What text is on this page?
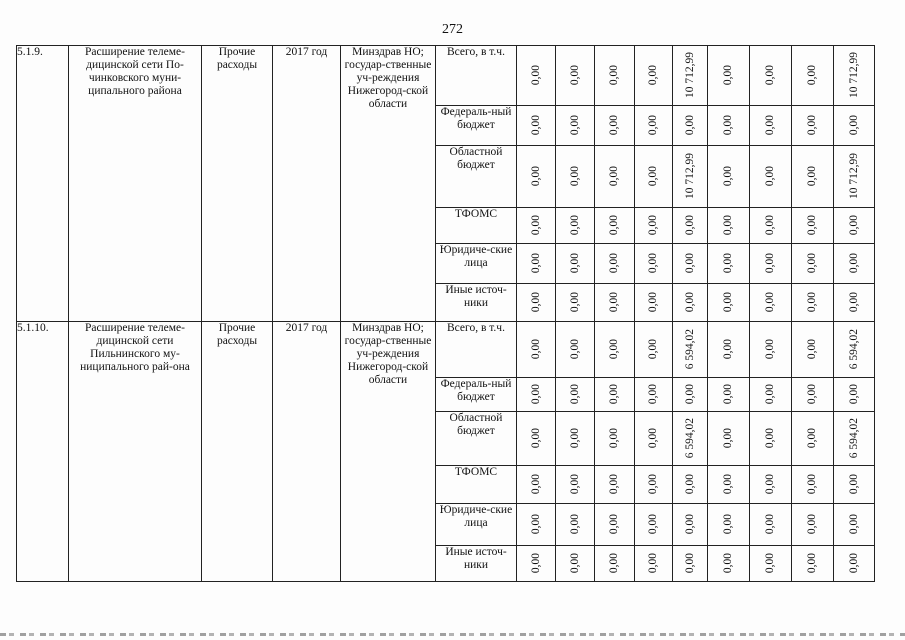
272
5.1.9.	Расширение телеме-дицинской сети По-чинковского муни-ципального района	Прочие расходы	2017 год	Минздрав НО; государ-ственные уч-реждения Нижегород-ской области	Всего, в т.ч.	0,00	0,00	0,00	0,00	10 712,99	0,00	0,00	0,00	10 712,99

					Федераль-ный бюджет	0,00	0,00	0,00	0,00	0,00	0,00	0,00	0,00	0,00

					Областной бюджет	0,00	0,00	0,00	0,00	10 712,99	0,00	0,00	0,00	10 712,99

					ТФОМС	0,00	0,00	0,00	0,00	0,00	0,00	0,00	0,00	0,00

					Юридиче-ские лица	0,00	0,00	0,00	0,00	0,00	0,00	0,00	0,00	0,00

					Иные источ-ники	0,00	0,00	0,00	0,00	0,00	0,00	0,00	0,00	0,00

5.1.10.	Расширение телеме-дицинской сети Пильнинского му-ниципального рай-она	Прочие расходы	2017 год	Минздрав НО; государ-ственные уч-реждения Нижегород-ской области	Всего, в т.ч.	0,00	0,00	0,00	0,00	6 594,02	0,00	0,00	0,00	6 594,02

					Федераль-ный бюджет	0,00	0,00	0,00	0,00	0,00	0,00	0,00	0,00	0,00

					Областной бюджет	0,00	0,00	0,00	0,00	6 594,02	0,00	0,00	0,00	6 594,02

					ТФОМС	0,00	0,00	0,00	0,00	0,00	0,00	0,00	0,00	0,00

					Юридиче-ские лица	0,00	0,00	0,00	0,00	0,00	0,00	0,00	0,00	0,00

					Иные источ-ники	0,00	0,00	0,00	0,00	0,00	0,00	0,00	0,00	0,00
